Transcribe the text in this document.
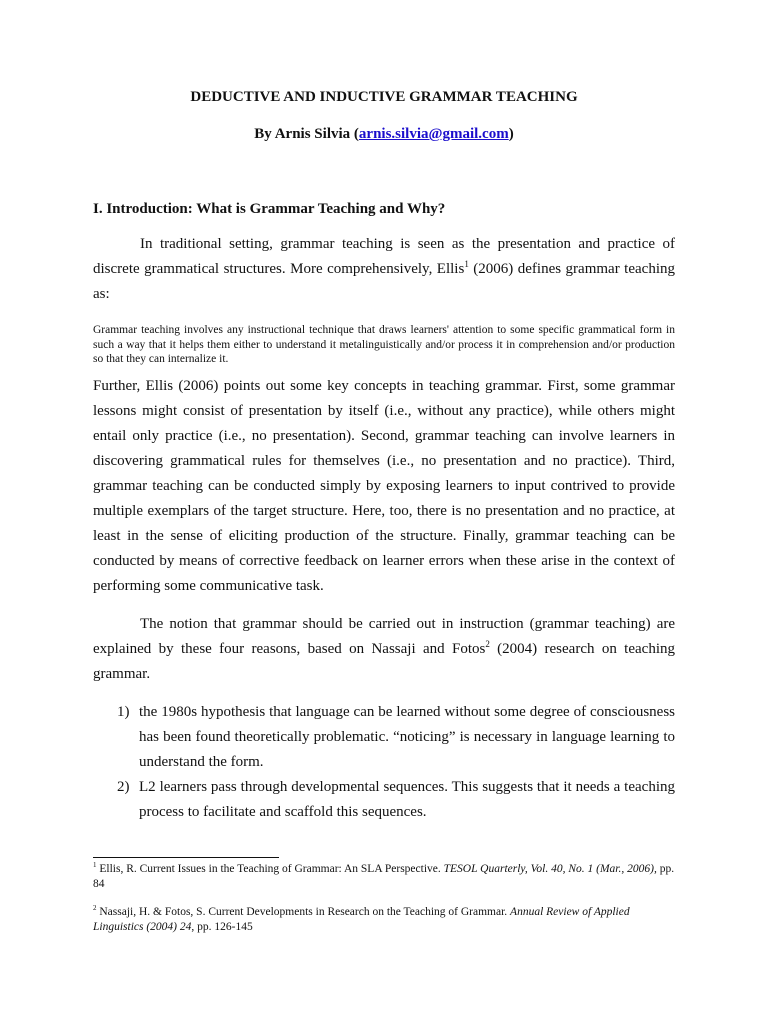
DEDUCTIVE AND INDUCTIVE GRAMMAR TEACHING
By Arnis Silvia (arnis.silvia@gmail.com)
I. Introduction: What is Grammar Teaching and Why?

In traditional setting, grammar teaching is seen as the presentation and practice of discrete grammatical structures. More comprehensively, Ellis$^1$ (2006) defines grammar teaching as:

Grammar teaching involves any instructional technique that draws learners' attention to some specific grammatical form in such a way that it helps them either to understand it metalinguistically and/or process it in comprehension and/or production so that they can internalize it.

Further, Ellis (2006) points out some key concepts in teaching grammar. First, some grammar lessons might consist of presentation by itself (i.e., without any practice), while others might entail only practice (i.e., no presentation). Second, grammar teaching can involve learners in discovering grammatical rules for themselves (i.e., no presentation and no practice). Third, grammar teaching can be conducted simply by exposing learners to input contrived to provide multiple exemplars of the target structure. Here, too, there is no presentation and no practice, at least in the sense of eliciting production of the structure. Finally, grammar teaching can be conducted by means of corrective feedback on learner errors when these arise in the context of performing some communicative task.

The notion that grammar should be carried out in instruction (grammar teaching) are explained by these four reasons, based on Nassaji and Fotos$^2$ (2004) research on teaching grammar.

1) the 1980s hypothesis that language can be learned without some degree of consciousness has been found theoretically problematic. “noticing” is necessary in language learning to understand the form.
2) L2 learners pass through developmental sequences. This suggests that it needs a teaching process to facilitate and scaffold this sequences.
$^1$ Ellis, R. Current Issues in the Teaching of Grammar: An SLA Perspective. TESOL Quarterly, Vol. 40, No. 1 (Mar., 2006), pp. 84
$^2$ Nassaji, H. & Fotos, S. Current Developments in Research on the Teaching of Grammar. Annual Review of Applied Linguistics (2004) 24, pp. 126-145
